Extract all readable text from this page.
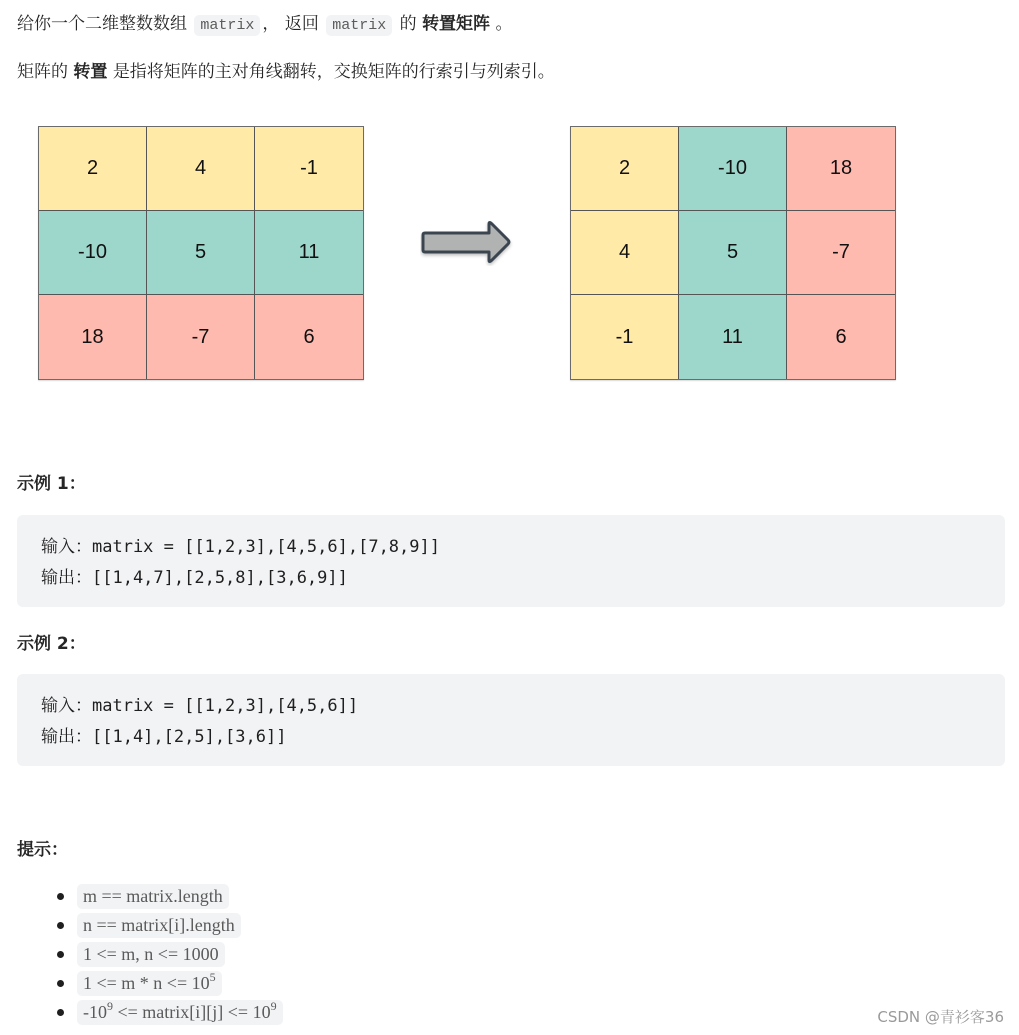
给你一个二维整数数组 matrix ， 返回 matrix 的 转置矩阵 。

矩阵的 转置 是指将矩阵的主对角线翻转，交换矩阵的行索引与列索引。

2	4	-1
-10	5	11
18	-7	6
2	-10	18
4	5	-7
-1	11	6
示例 1：
输入：matrix = [[1,2,3],[4,5,6],[7,8,9]]
输出：[[1,4,7],[2,5,8],[3,6,9]]
示例 2：
输入：matrix = [[1,2,3],[4,5,6]]
输出：[[1,4],[2,5],[3,6]]
提示：
m == matrix.length
n == matrix[i].length
1 <= m, n <= 1000
$1 <= m * n <= 10^5$
$-10^9$ <= matrix[i][j] <= $10^9$
CSDN @青衫客36
